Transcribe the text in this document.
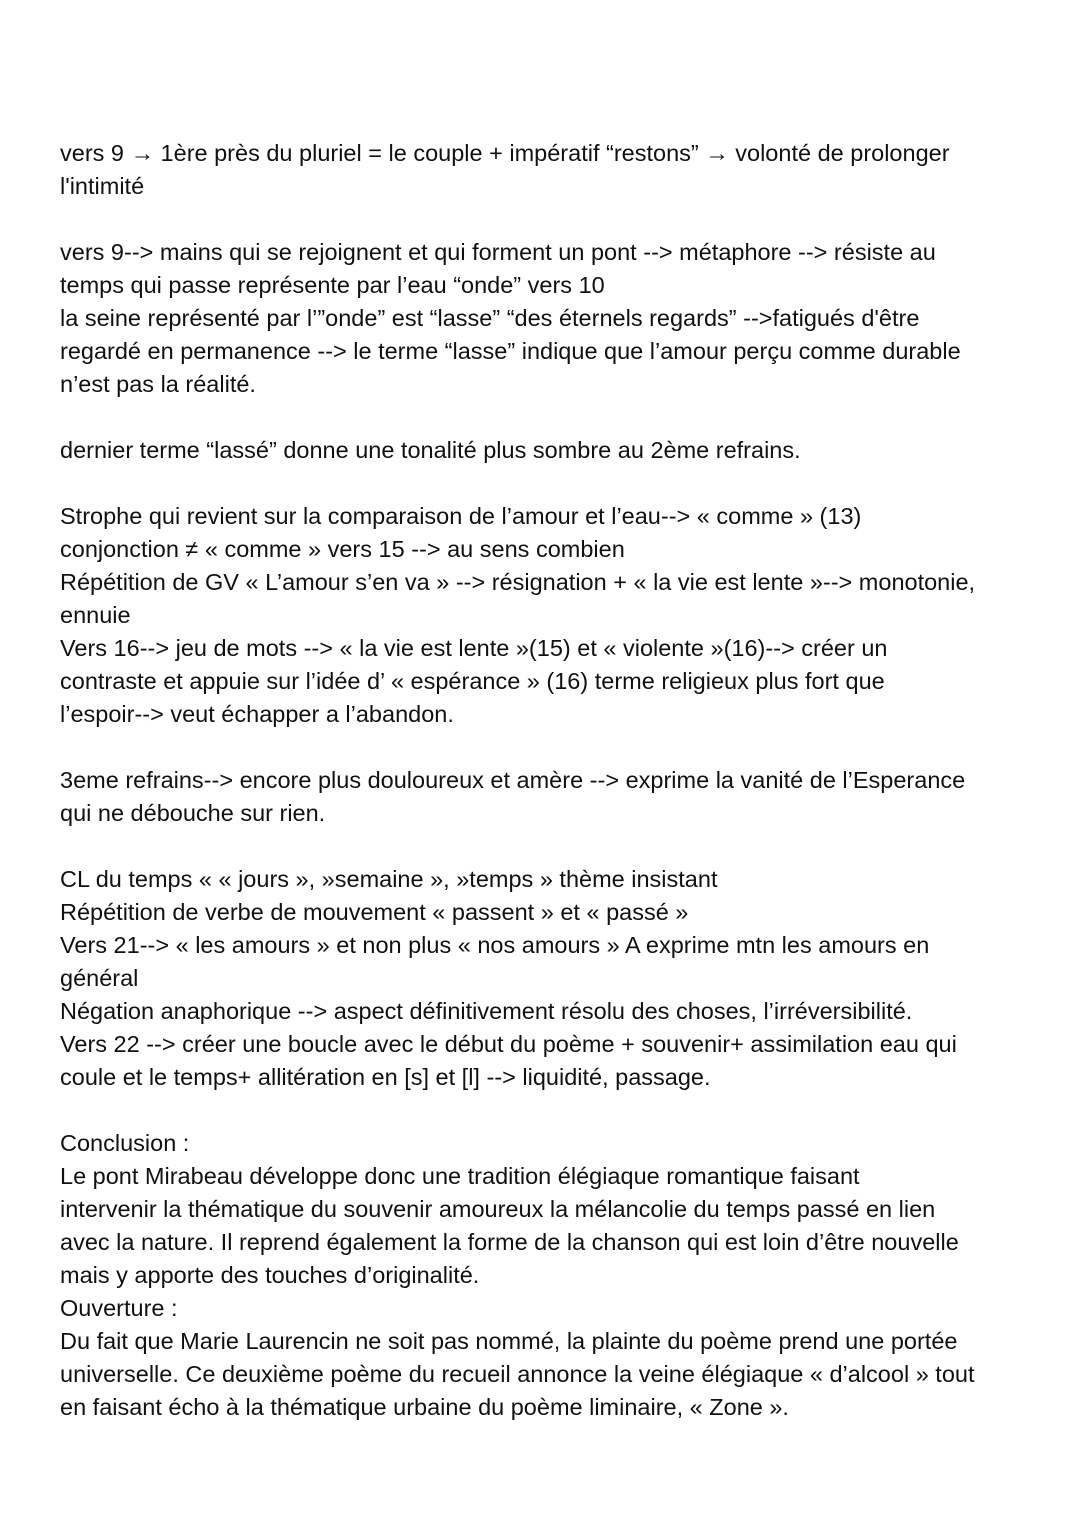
vers 9 → 1ère près du pluriel = le couple + impératif “restons” → volonté de prolonger
l'intimité
vers 9--> mains qui se rejoignent et qui forment un pont --> métaphore --> résiste au
temps qui passe représente par l’eau “onde” vers 10
la seine représenté par l’”onde” est “lasse” “des éternels regards” -->fatigués d'être
regardé en permanence --> le terme “lasse” indique que l’amour perçu comme durable
n’est pas la réalité.
dernier terme “lassé” donne une tonalité plus sombre au 2ème refrains.
Strophe qui revient sur la comparaison de l’amour et l’eau--> « comme » (13)
conjonction ≠ « comme » vers 15 --> au sens combien
Répétition de GV « L’amour s’en va » --> résignation + « la vie est lente »--> monotonie,
ennuie
Vers 16--> jeu de mots --> « la vie est lente »(15) et « violente »(16)--> créer un
contraste et appuie sur l’idée d’ « espérance » (16) terme religieux plus fort que
l’espoir--> veut échapper a l’abandon.
3eme refrains--> encore plus douloureux et amère --> exprime la vanité de l’Esperance
qui ne débouche sur rien.
CL du temps « « jours », »semaine », »temps » thème insistant
Répétition de verbe de mouvement « passent » et « passé »
Vers 21--> « les amours » et non plus « nos amours » A exprime mtn les amours en
général
Négation anaphorique --> aspect définitivement résolu des choses, l’irréversibilité.
Vers 22 --> créer une boucle avec le début du poème + souvenir+ assimilation eau qui
coule et le temps+ allitération en [s] et [l] --> liquidité, passage.
Conclusion :
Le pont Mirabeau développe donc une tradition élégiaque romantique faisant
intervenir la thématique du souvenir amoureux la mélancolie du temps passé en lien
avec la nature. Il reprend également la forme de la chanson qui est loin d’être nouvelle
mais y apporte des touches d’originalité.
Ouverture :
Du fait que Marie Laurencin ne soit pas nommé, la plainte du poème prend une portée
universelle. Ce deuxième poème du recueil annonce la veine élégiaque « d’alcool » tout
en faisant écho à la thématique urbaine du poème liminaire, « Zone ».
